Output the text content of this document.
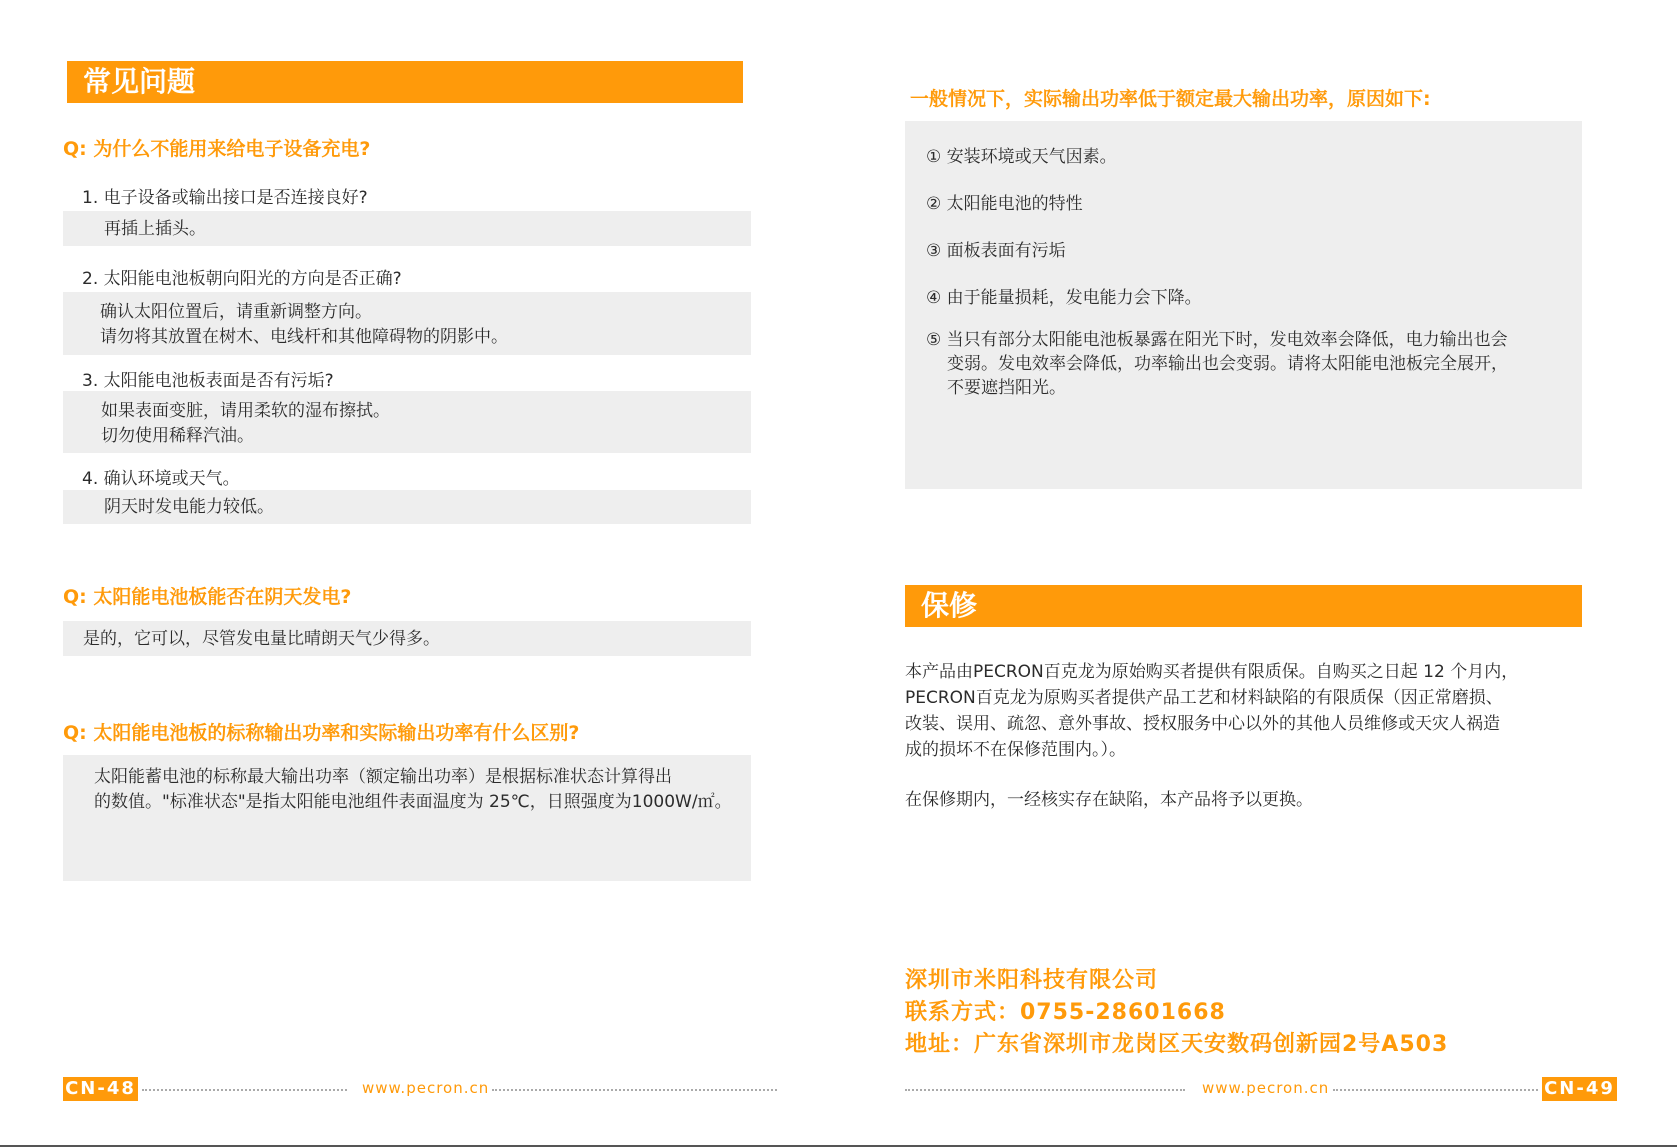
常见问题
Q: 为什么不能用来给电子设备充电?
1. 电子设备或输出接口是否连接良好?
再插上插头。
2. 太阳能电池板朝向阳光的方向是否正确?
确认太阳位置后，请重新调整方向。
请勿将其放置在树木、电线杆和其他障碍物的阴影中。
3. 太阳能电池板表面是否有污垢?
如果表面变脏，请用柔软的湿布擦拭。
切勿使用稀释汽油。
4. 确认环境或天气。
阴天时发电能力较低。
Q: 太阳能电池板能否在阴天发电?
是的，它可以，尽管发电量比晴朗天气少得多。
Q: 太阳能电池板的标称输出功率和实际输出功率有什么区别?
太阳能蓄电池的标称最大输出功率（额定输出功率）是根据标准状态计算得出
的数值。"标准状态"是指太阳能电池组件表面温度为 25℃，日照强度为1000W/㎡。
CN-48	www.pecron.cn
一般情况下，实际输出功率低于额定最大输出功率，原因如下:
① 安装环境或天气因素。
② 太阳能电池的特性
③ 面板表面有污垢
④ 由于能量损耗，发电能力会下降。
⑤ 当只有部分太阳能电池板暴露在阳光下时，发电效率会降低，电力输出也会
变弱。发电效率会降低，功率输出也会变弱。请将太阳能电池板完全展开，
不要遮挡阳光。
保修
本产品由PECRON百克龙为原始购买者提供有限质保。自购买之日起 12 个月内，
PECRON百克龙为原购买者提供产品工艺和材料缺陷的有限质保（因正常磨损、
改装、误用、疏忽、意外事故、授权服务中心以外的其他人员维修或天灾人祸造
成的损坏不在保修范围内。）。
在保修期内，一经核实存在缺陷，本产品将予以更换。
深圳市米阳科技有限公司
联系方式：0755-28601668
地址：广东省深圳市龙岗区天安数码创新园2号A503
www.pecron.cn	CN-49
